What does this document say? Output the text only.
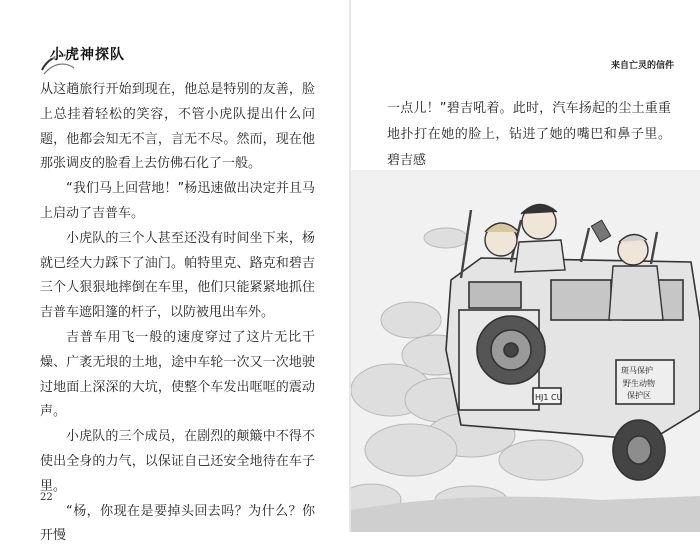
小虎神探队

从这趟旅行开始到现在，他总是特别的友善，脸上总挂着轻松的笑容，不管小虎队提出什么问题，他都会知无不言，言无不尽。然而，现在他那张调皮的脸看上去仿佛石化了一般。

“我们马上回营地！”杨迅速做出决定并且马上启动了吉普车。

小虎队的三个人甚至还没有时间坐下来，杨就已经大力踩下了油门。帕特里克、路克和碧吉三个人狠狠地摔倒在车里，他们只能紧紧地抓住吉普车遮阳篷的杆子，以防被甩出车外。

吉普车用飞一般的速度穿过了这片无比干燥、广袤无垠的土地，途中车轮一次又一次地驶过地面上深深的大坑，使整个车发出哐哐的震动声。

小虎队的三个成员，在剧烈的颠簸中不得不使出全身的力气，以保证自己还安全地待在车子里。

“杨，你现在是要掉头回去吗？为什么？你开慢

22
来自亡灵的信件

一点儿！”碧吉吼着。此时，汽车扬起的尘土重重地扑打在她的脸上，钻进了她的嘴巴和鼻子里。碧吉感

斑马保护
野生动物
保护区
HJ1 CU
